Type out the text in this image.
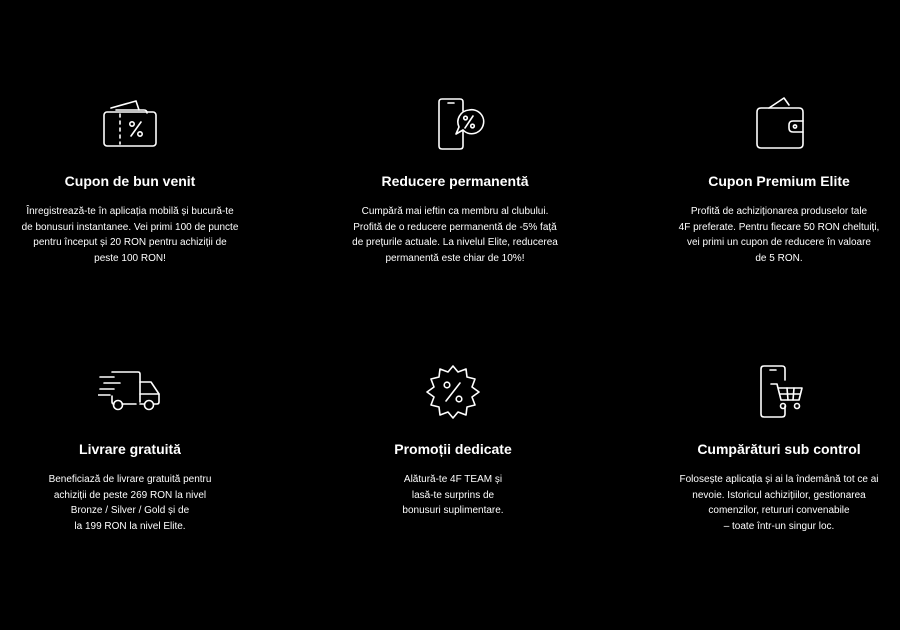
Cupon de bun venit

Înregistrează-te în aplicația mobilă și bucură-te
de bonusuri instantanee. Vei primi 100 de puncte
pentru început și 20 RON pentru achiziții de
peste 100 RON!

Reducere permanentă

Cumpără mai ieftin ca membru al clubului.
Profită de o reducere permanentă de -5% față
de prețurile actuale. La nivelul Elite, reducerea
permanentă este chiar de 10%!

Cupon Premium Elite

Profită de achiziționarea produselor tale
4F preferate. Pentru fiecare 50 RON cheltuiți,
vei primi un cupon de reducere în valoare
de 5 RON.

Livrare gratuită

Beneficiază de livrare gratuită pentru
achiziții de peste 269 RON la nivel
Bronze / Silver / Gold și de
la 199 RON la nivel Elite.

Promoții dedicate

Alătură-te 4F TEAM și
lasă-te surprins de
bonusuri suplimentare.

Cumpărături sub control

Folosește aplicația și ai la îndemână tot ce ai
nevoie. Istoricul achizițiilor, gestionarea
comenzilor, retururi convenabile
– toate într-un singur loc.
